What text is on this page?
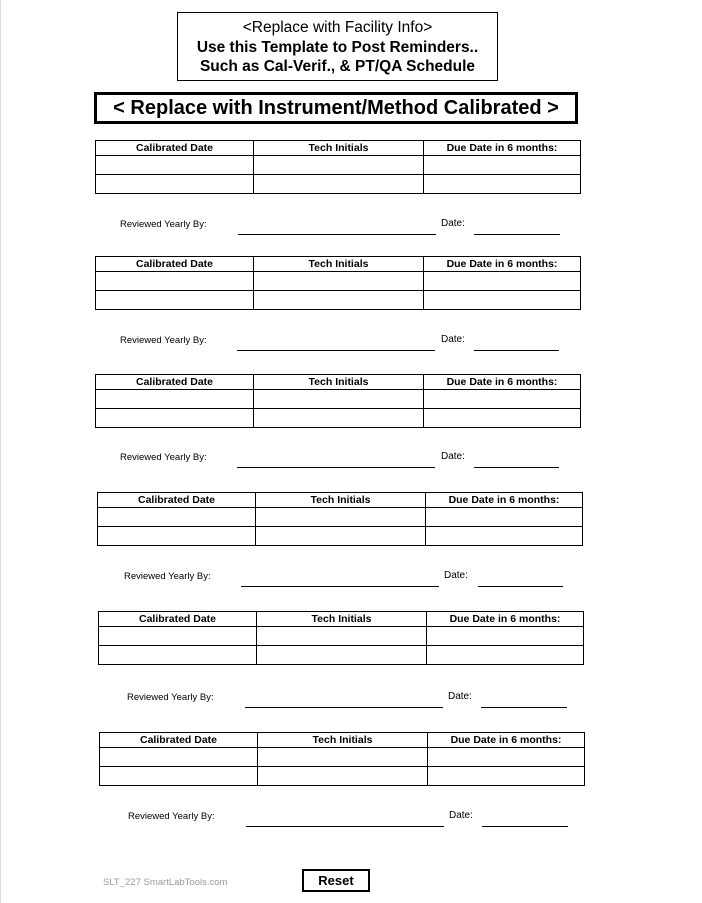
<Replace with Facility Info>
Use this Template to Post Reminders..
Such as Cal-Verif., & PT/QA Schedule
< Replace with Instrument/Method Calibrated >
Calibrated Date	Tech Initials	Due Date in 6 months:

Reviewed Yearly By:	Date:
Calibrated Date	Tech Initials	Due Date in 6 months:

Reviewed Yearly By:	Date:
Calibrated Date	Tech Initials	Due Date in 6 months:

Reviewed Yearly By:	Date:
Calibrated Date	Tech Initials	Due Date in 6 months:

Reviewed Yearly By:	Date:
Calibrated Date	Tech Initials	Due Date in 6 months:

Reviewed Yearly By:	Date:
Calibrated Date	Tech Initials	Due Date in 6 months:

Reviewed Yearly By:	Date:
SLT_227 SmartLabTools.com	Reset
